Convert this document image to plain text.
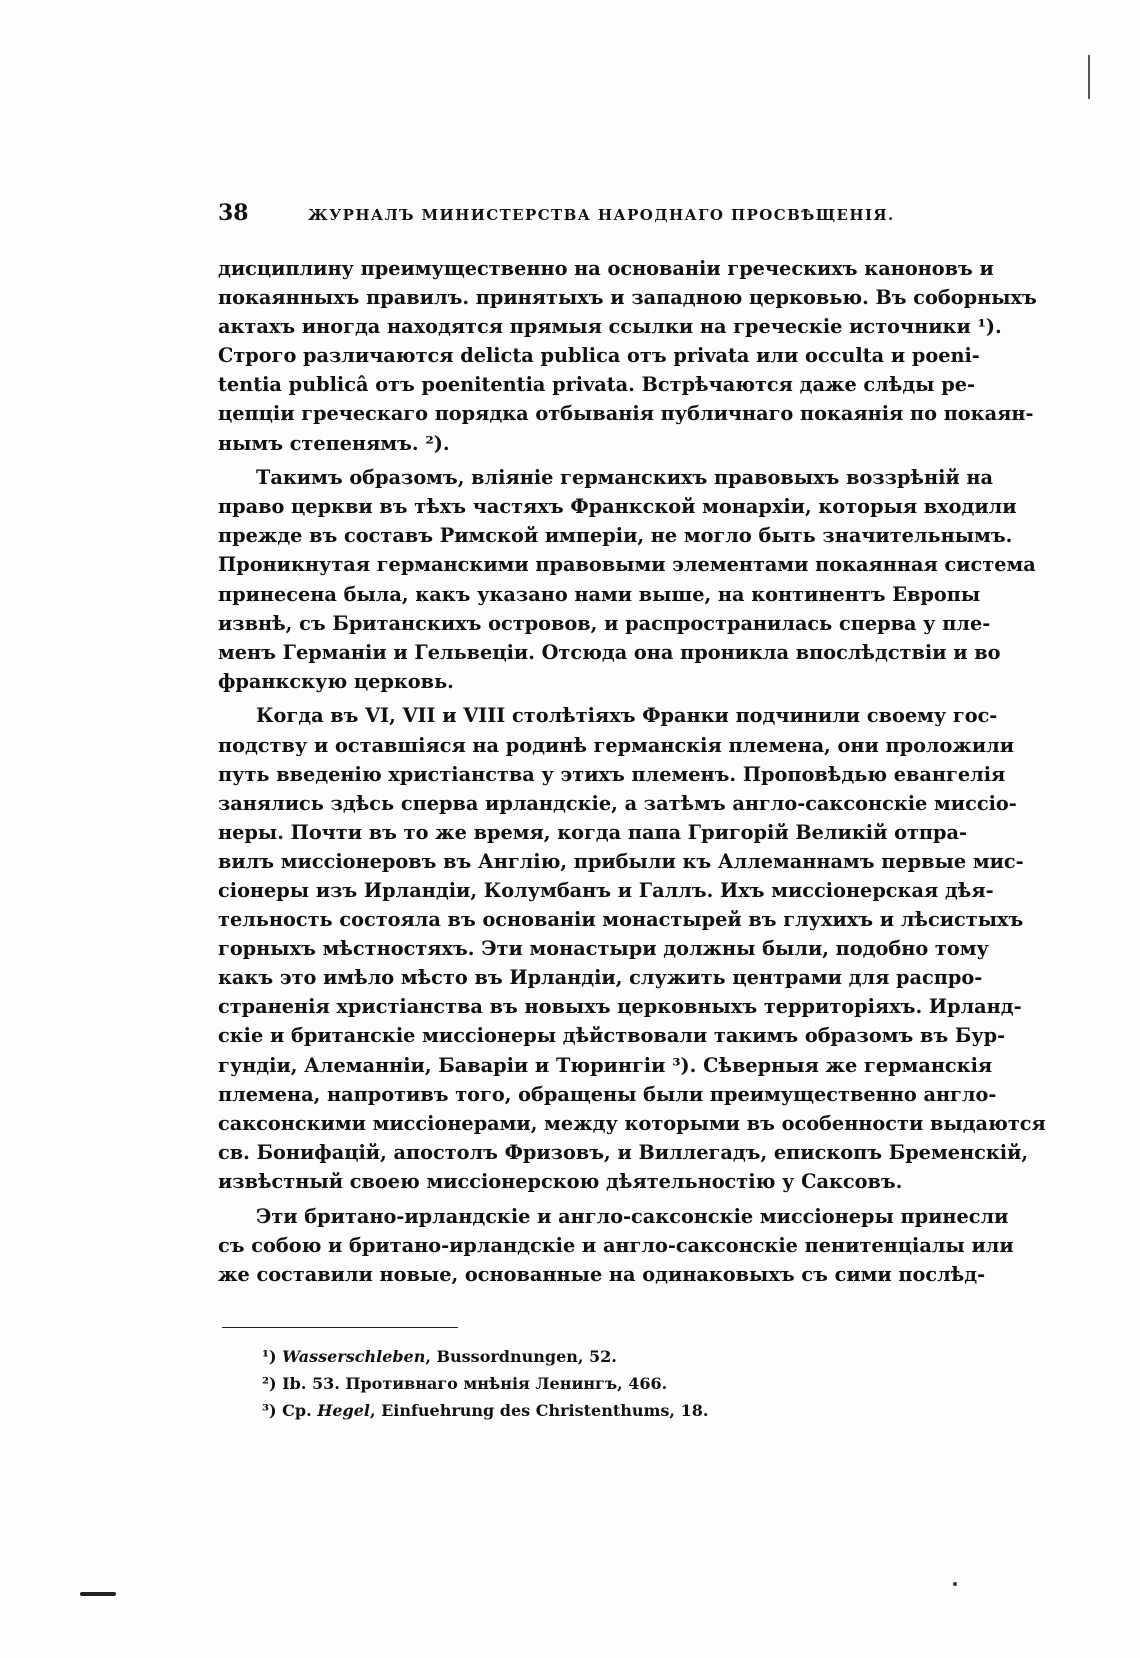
38	ЖУРНАЛЪ МИНИСТЕРСТВА НАРОДНАГО ПРОСВѢЩЕНІЯ.
дисциплину преимущественно на основаніи греческихъ каноновъ и
покаянныхъ правилъ. принятыхъ и западною церковью. Въ соборныхъ
актахъ иногда находятся прямыя ссылки на греческіе источники ¹).
Строго различаются delicta publica отъ privata или occulta и poeni-
tentia publicâ отъ poenitentia privata. Встрѣчаются даже слѣды ре-
цепціи греческаго порядка отбыванія публичнаго покаянія по покаян-
нымъ степенямъ. ²).
Такимъ образомъ, вліяніе германскихъ правовыхъ воззрѣній на
право церкви въ тѣхъ частяхъ Франкской монархіи, которыя входили
прежде въ составъ Римской имперіи, не могло быть значительнымъ.
Проникнутая германскими правовыми элементами покаянная система
принесена была, какъ указано нами выше, на континентъ Европы
извнѣ, съ Британскихъ островов, и распространилась сперва у пле-
менъ Германіи и Гельвеціи. Отсюда она проникла впослѣдствіи и во
франкскую церковь.
Когда въ VI, VII и VIII столѣтіяхъ Франки подчинили своему гос-
подству и оставшіяся на родинѣ германскія племена, они проложили
путь введенію христіанства у этихъ племенъ. Проповѣдью евангелія
занялись здѣсь сперва ирландскіе, а затѣмъ англо-саксонскіе миссіо-
неры. Почти въ то же время, когда папа Григорій Великій отпра-
вилъ миссіонеровъ въ Англію, прибыли къ Аллеманнамъ первые мис-
сіонеры изъ Ирландіи, Колумбанъ и Галлъ. Ихъ миссіонерская дѣя-
тельность состояла въ основаніи монастырей въ глухихъ и лѣсистыхъ
горныхъ мѣстностяхъ. Эти монастыри должны были, подобно тому
какъ это имѣло мѣсто въ Ирландіи, служить центрами для распро-
страненія христіанства въ новыхъ церковныхъ территоріяхъ. Ирланд-
скіе и британскіе миссіонеры дѣйствовали такимъ образомъ въ Бур-
гундіи, Алеманніи, Баваріи и Тюрингіи ³). Сѣверныя же германскія
племена, напротивъ того, обращены были преимущественно англо-
саксонскими миссіонерами, между которыми въ особенности выдаются
св. Бонифацій, апостолъ Фризовъ, и Виллегадъ, епископъ Бременскій,
извѣстный своею миссіонерскою дѣятельностію у Саксовъ.
Эти британо-ирландскіе и англо-саксонскіе миссіонеры принесли
съ собою и британо-ирландскіе и англо-саксонскіе пенитенціалы или
же составили новые, основанные на одинаковыхъ съ сими послѣд-
¹) Wasserschleben, Bussordnungen, 52.
²) Ib. 53. Противнаго мнѣнія Ленингъ, 466.
³) Ср. Hegel, Einfuehrung des Christenthums, 18.
